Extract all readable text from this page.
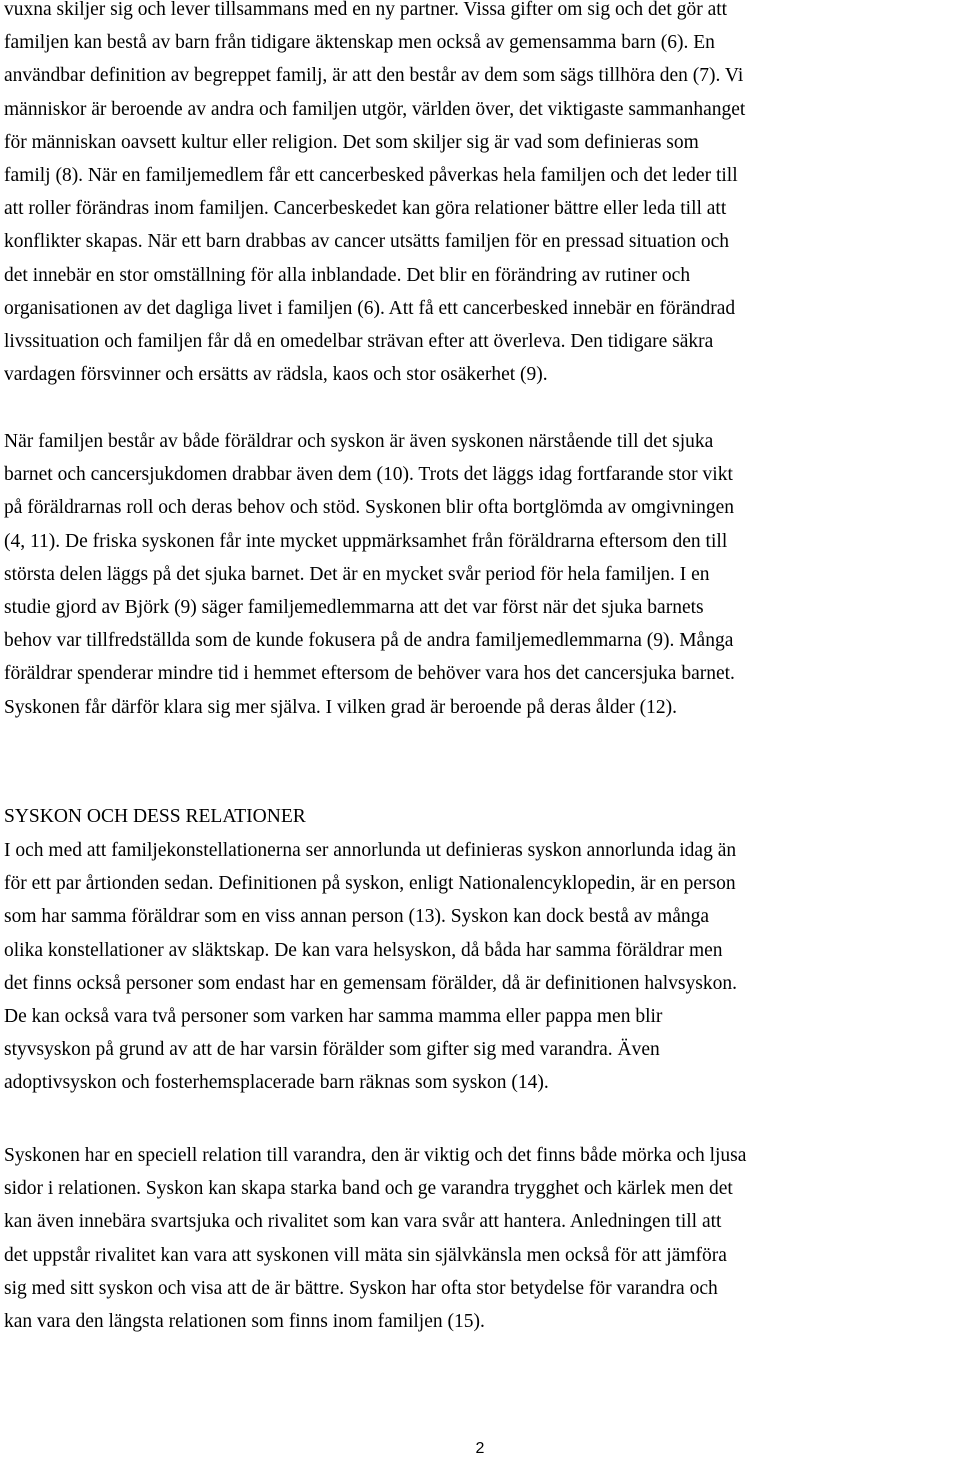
vuxna skiljer sig och lever tillsammans med en ny partner. Vissa gifter om sig och det gör att
familjen kan bestå av barn från tidigare äktenskap men också av gemensamma barn (6). En
användbar definition av begreppet familj, är att den består av dem som sägs tillhöra den (7). Vi
människor är beroende av andra och familjen utgör, världen över, det viktigaste sammanhanget
för människan oavsett kultur eller religion. Det som skiljer sig är vad som definieras som
familj (8). När en familjemedlem får ett cancerbesked påverkas hela familjen och det leder till
att roller förändras inom familjen. Cancerbeskedet kan göra relationer bättre eller leda till att
konflikter skapas. När ett barn drabbas av cancer utsätts familjen för en pressad situation och
det innebär en stor omställning för alla inblandade. Det blir en förändring av rutiner och
organisationen av det dagliga livet i familjen (6). Att få ett cancerbesked innebär en förändrad
livssituation och familjen får då en omedelbar strävan efter att överleva. Den tidigare säkra
vardagen försvinner och ersätts av rädsla, kaos och stor osäkerhet (9).

När familjen består av både föräldrar och syskon är även syskonen närstående till det sjuka
barnet och cancersjukdomen drabbar även dem (10). Trots det läggs idag fortfarande stor vikt
på föräldrarnas roll och deras behov och stöd. Syskonen blir ofta bortglömda av omgivningen
(4, 11). De friska syskonen får inte mycket uppmärksamhet från föräldrarna eftersom den till
största delen läggs på det sjuka barnet. Det är en mycket svår period för hela familjen. I en
studie gjord av Björk (9) säger familjemedlemmarna att det var först när det sjuka barnets
behov var tillfredställda som de kunde fokusera på de andra familjemedlemmarna (9). Många
föräldrar spenderar mindre tid i hemmet eftersom de behöver vara hos det cancersjuka barnet.
Syskonen får därför klara sig mer själva. I vilken grad är beroende på deras ålder (12).

SYSKON OCH DESS RELATIONER

I och med att familjekonstellationerna ser annorlunda ut definieras syskon annorlunda idag än
för ett par årtionden sedan. Definitionen på syskon, enligt Nationalencyklopedin, är en person
som har samma föräldrar som en viss annan person (13). Syskon kan dock bestå av många
olika konstellationer av släktskap. De kan vara helsyskon, då båda har samma föräldrar men
det finns också personer som endast har en gemensam förälder, då är definitionen halvsyskon.
De kan också vara två personer som varken har samma mamma eller pappa men blir
styvsyskon på grund av att de har varsin förälder som gifter sig med varandra. Även
adoptivsyskon och fosterhemsplacerade barn räknas som syskon (14).

Syskonen har en speciell relation till varandra, den är viktig och det finns både mörka och ljusa
sidor i relationen. Syskon kan skapa starka band och ge varandra trygghet och kärlek men det
kan även innebära svartsjuka och rivalitet som kan vara svår att hantera. Anledningen till att
det uppstår rivalitet kan vara att syskonen vill mäta sin självkänsla men också för att jämföra
sig med sitt syskon och visa att de är bättre. Syskon har ofta stor betydelse för varandra och
kan vara den längsta relationen som finns inom familjen (15).

2
